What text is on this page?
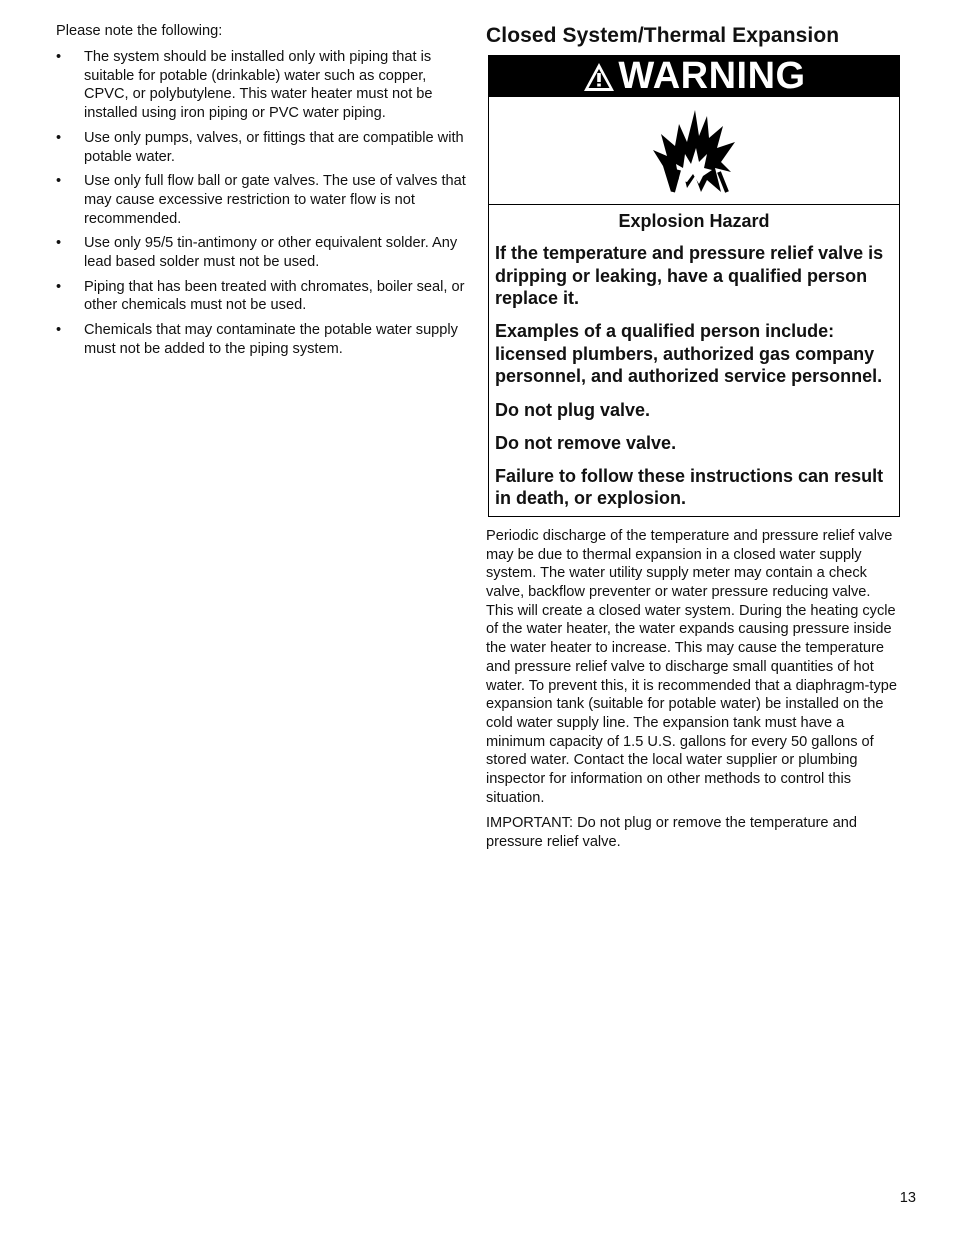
Please note the following:

•	The system should be installed only with piping that is suitable for potable (drinkable) water such as copper, CPVC, or polybutylene. This water heater must not be installed using iron piping or PVC water piping.
•	Use only pumps, valves, or fittings that are compatible with potable water.
•	Use only full flow ball or gate valves. The use of valves that may cause excessive restriction to water flow is not recommended.
•	Use only 95/5 tin-antimony or other equivalent solder. Any lead based solder must not be used.
•	Piping that has been treated with chromates, boiler seal, or other chemicals must not be used.
•	Chemicals that may contaminate the potable water supply must not be added to the piping system.
Closed System/Thermal Expansion
WARNING
Explosion Hazard

If the temperature and pressure relief valve is dripping or leaking, have a qualified person replace it.

Examples of a qualified person include: licensed plumbers, authorized gas company personnel, and authorized service personnel.

Do not plug valve.

Do not remove valve.

Failure to follow these instructions can result in death, or explosion.

Periodic discharge of the temperature and pressure relief valve may be due to thermal expansion in a closed water supply system. The water utility supply meter may contain a check valve, backflow preventer or water pressure reducing valve. This will create a closed water system. During the heating cycle of the water heater, the water expands causing pressure inside the water heater to increase. This may cause the temperature and pressure relief valve to discharge small quantities of hot water. To prevent this, it is recommended that a diaphragm-type expansion tank (suitable for potable water) be installed on the cold water supply line. The expansion tank must have a minimum capacity of 1.5 U.S. gallons for every 50 gallons of stored water. Contact the local water supplier or plumbing inspector for information on other methods to control this situation.

IMPORTANT: Do not plug or remove the temperature and pressure relief valve.

13
